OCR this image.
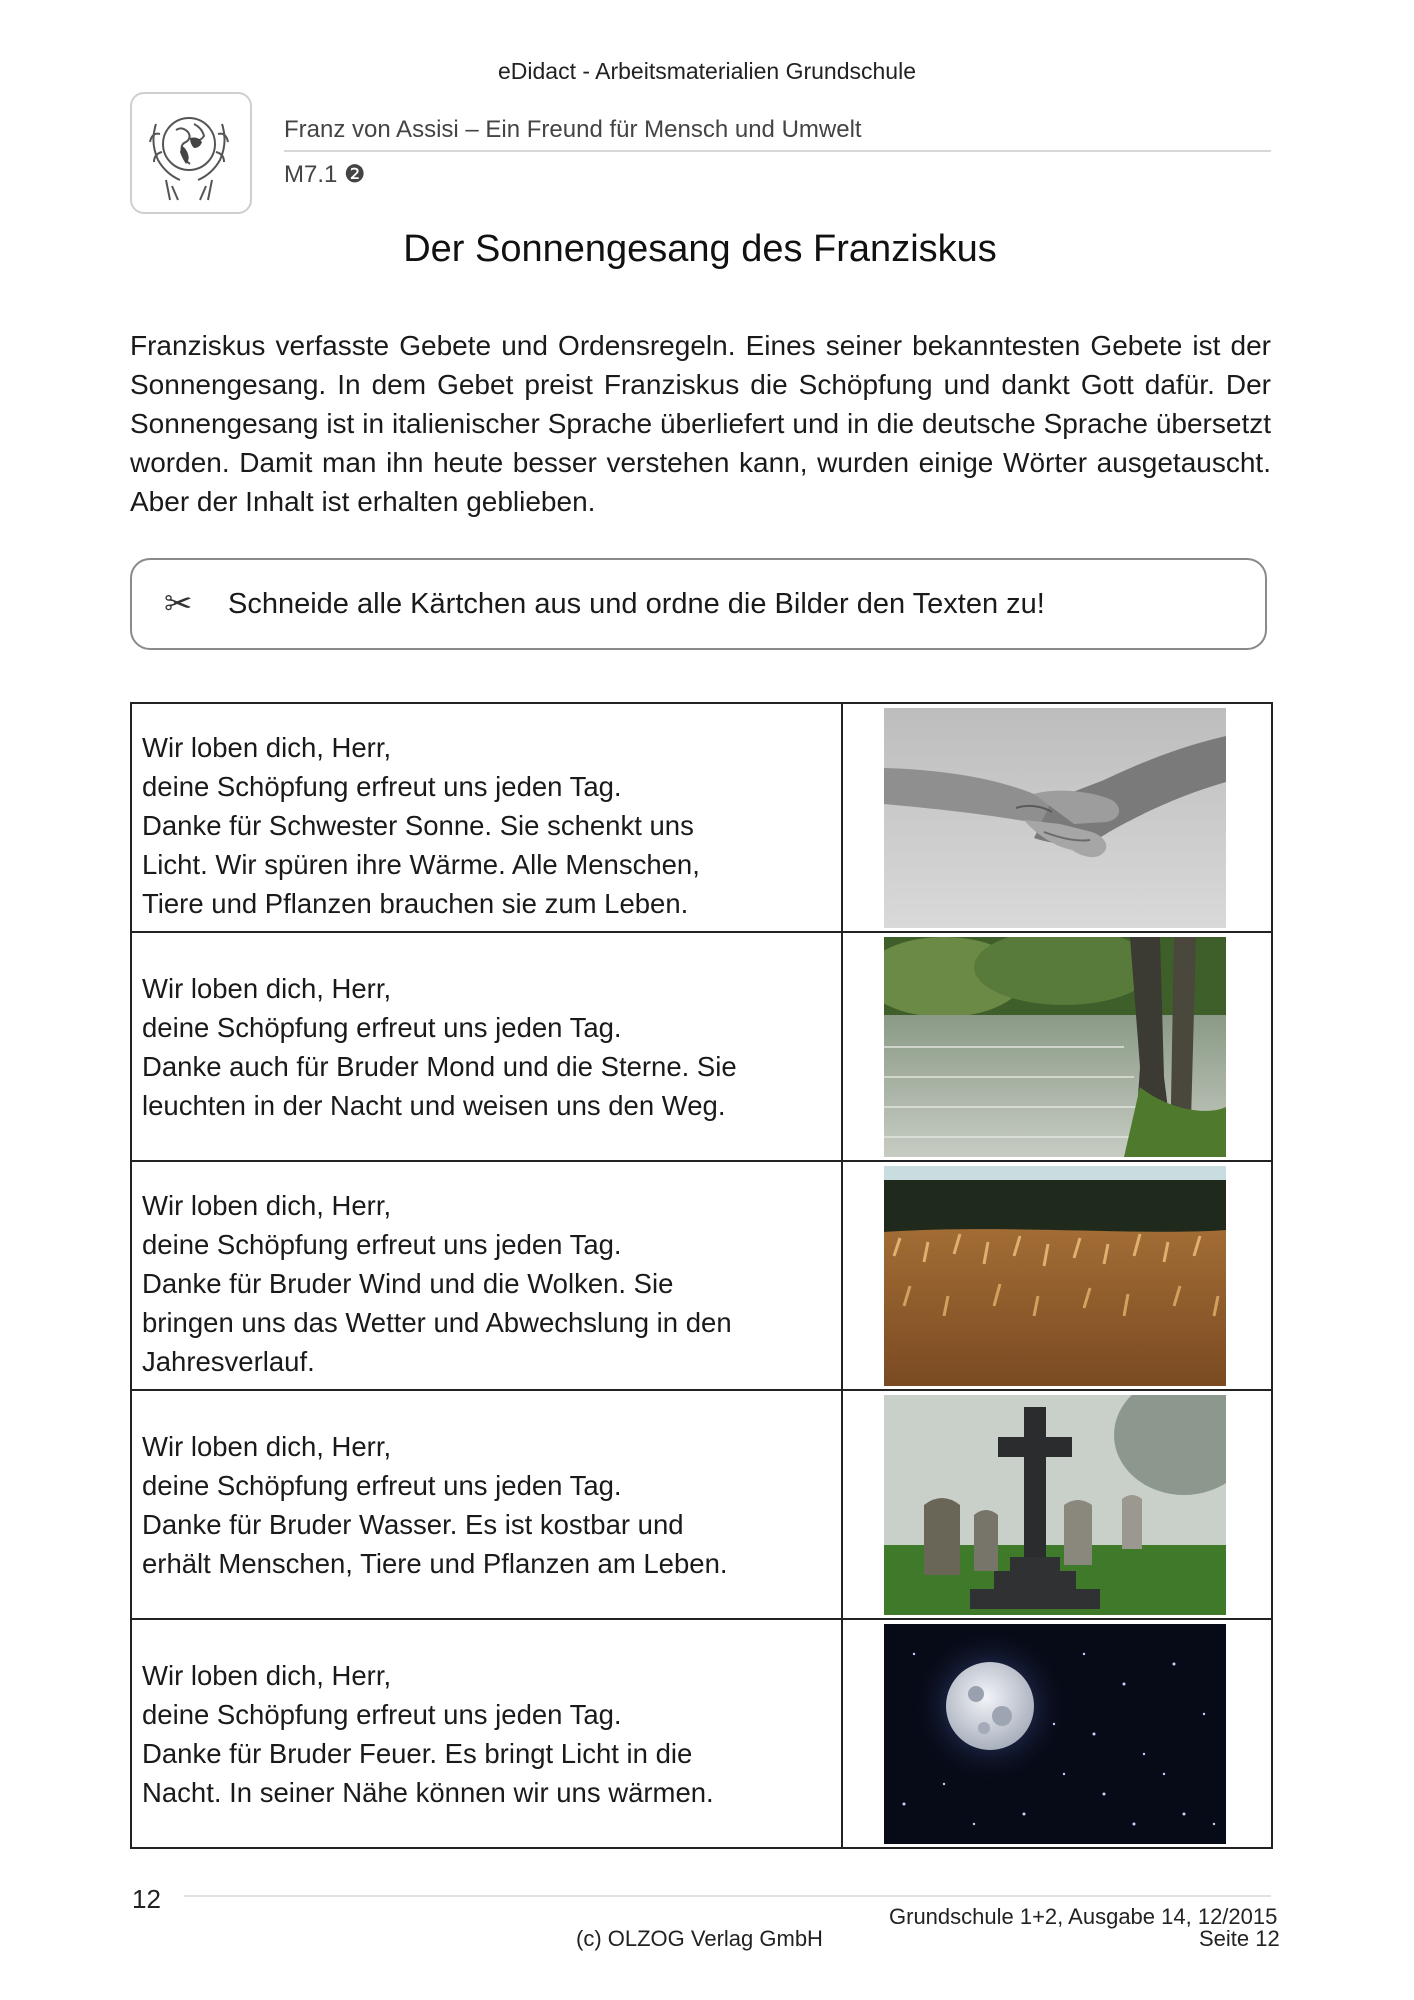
eDidact - Arbeitsmaterialien Grundschule
Franz von Assisi – Ein Freund für Mensch und Umwelt
M7.1 ❷
Der Sonnengesang des Franziskus
Franziskus verfasste Gebete und Ordensregeln. Eines seiner bekanntesten Gebete ist der Sonnengesang. In dem Gebet preist Franziskus die Schöpfung und dankt Gott dafür. Der Sonnengesang ist in italienischer Sprache überliefert und in die deutsche Sprache übersetzt worden. Damit man ihn heute besser verstehen kann, wurden einige Wörter ausgetauscht. Aber der Inhalt ist erhalten geblieben.
✂ Schneide alle Kärtchen aus und ordne die Bilder den Texten zu!
Wir loben dich, Herr,
deine Schöpfung erfreut uns jeden Tag.
Danke für Schwester Sonne. Sie schenkt uns
Licht. Wir spüren ihre Wärme. Alle Menschen,
Tiere und Pflanzen brauchen sie zum Leben.

Wir loben dich, Herr,
deine Schöpfung erfreut uns jeden Tag.
Danke auch für Bruder Mond und die Sterne. Sie
leuchten in der Nacht und weisen uns den Weg.

Wir loben dich, Herr,
deine Schöpfung erfreut uns jeden Tag.
Danke für Bruder Wind und die Wolken. Sie
bringen uns das Wetter und Abwechslung in den
Jahresverlauf.

Wir loben dich, Herr,
deine Schöpfung erfreut uns jeden Tag.
Danke für Bruder Wasser. Es ist kostbar und
erhält Menschen, Tiere und Pflanzen am Leben.

Wir loben dich, Herr,
deine Schöpfung erfreut uns jeden Tag.
Danke für Bruder Feuer. Es bringt Licht in die
Nacht. In seiner Nähe können wir uns wärmen.

12
Grundschule 1+2, Ausgabe 14, 12/2015
(c) OLZOG Verlag GmbH	Seite 12
